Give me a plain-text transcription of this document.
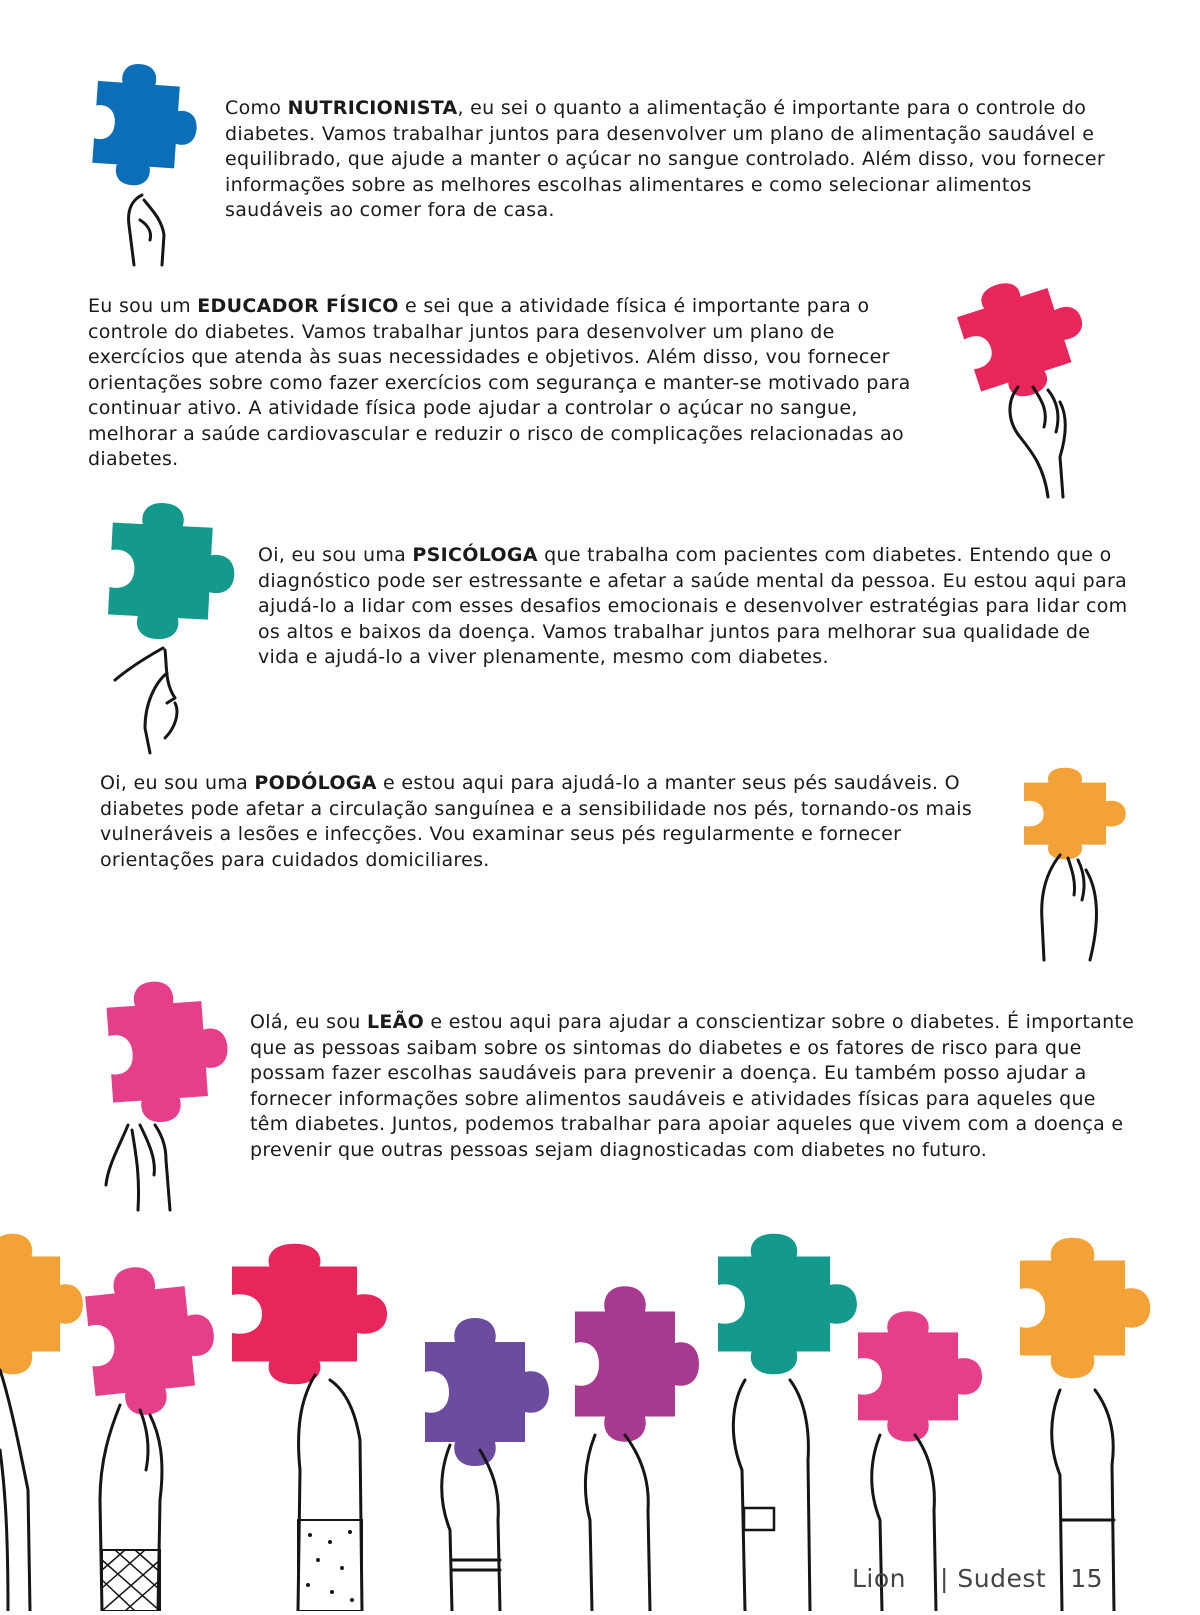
Como NUTRICIONISTA, eu sei o quanto a alimentação é importante para o controle do diabetes. Vamos trabalhar juntos para desenvolver um plano de alimentação saudável e equilibrado, que ajude a manter o açúcar no sangue controlado. Além disso, vou fornecer informações sobre as melhores escolhas alimentares e como selecionar alimentos saudáveis ao comer fora de casa.

Eu sou um EDUCADOR FÍSICO e sei que a atividade física é importante para o controle do diabetes. Vamos trabalhar juntos para desenvolver um plano de exercícios que atenda às suas necessidades e objetivos. Além disso, vou fornecer orientações sobre como fazer exercícios com segurança e manter-se motivado para continuar ativo. A atividade física pode ajudar a controlar o açúcar no sangue, melhorar a saúde cardiovascular e reduzir o risco de complicações relacionadas ao diabetes.

Oi, eu sou uma PSICÓLOGA que trabalha com pacientes com diabetes. Entendo que o diagnóstico pode ser estressante e afetar a saúde mental da pessoa. Eu estou aqui para ajudá-lo a lidar com esses desafios emocionais e desenvolver estratégias para lidar com os altos e baixos da doença. Vamos trabalhar juntos para melhorar sua qualidade de vida e ajudá-lo a viver plenamente, mesmo com diabetes.

Oi, eu sou uma PODÓLOGA e estou aqui para ajudá-lo a manter seus pés saudáveis. O diabetes pode afetar a circulação sanguínea e a sensibilidade nos pés, tornando-os mais vulneráveis a lesões e infecções. Vou examinar seus pés regularmente e fornecer orientações para cuidados domiciliares.

Olá, eu sou LEÃO e estou aqui para ajudar a conscientizar sobre o diabetes. É importante que as pessoas saibam sobre os sintomas do diabetes e os fatores de risco para que possam fazer escolhas saudáveis para prevenir a doença. Eu também posso ajudar a fornecer informações sobre alimentos saudáveis e atividades físicas para aqueles que têm diabetes. Juntos, podemos trabalhar para apoiar aqueles que vivem com a doença e prevenir que outras pessoas sejam diagnosticadas com diabetes no futuro.

Lion | Sudest 15
